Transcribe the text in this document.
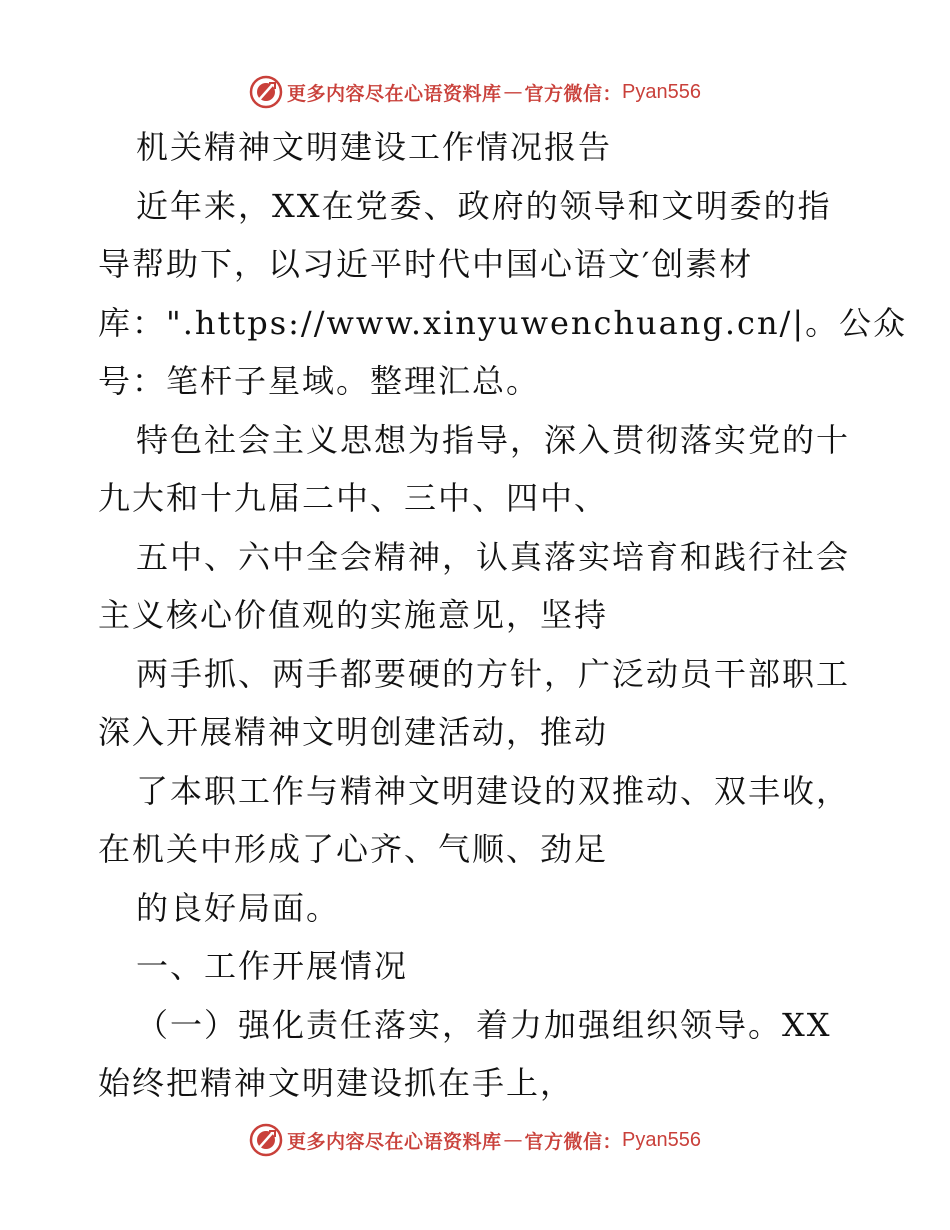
更多内容尽在心语资料库 — 官方微信： Pyan556
机关精神文明建设工作情况报告
近年来，XX在党委、政府的领导和文明委的指
导帮助下，以习近平时代中国心语文′创素材
库：".https://www.xinyuwenchuang.cn/|。公众
号：笔杆子星域。整理汇总。
特色社会主义思想为指导，深入贯彻落实党的十
九大和十九届二中、三中、四中、
五中、六中全会精神，认真落实培育和践行社会
主义核心价值观的实施意见，坚持
两手抓、两手都要硬的方针，广泛动员干部职工
深入开展精神文明创建活动，推动
了本职工作与精神文明建设的双推动、双丰收，
在机关中形成了心齐、气顺、劲足
的良好局面。
一、工作开展情况
（一）强化责任落实，着力加强组织领导。XX
始终把精神文明建设抓在手上，
更多内容尽在心语资料库 — 官方微信： Pyan556
